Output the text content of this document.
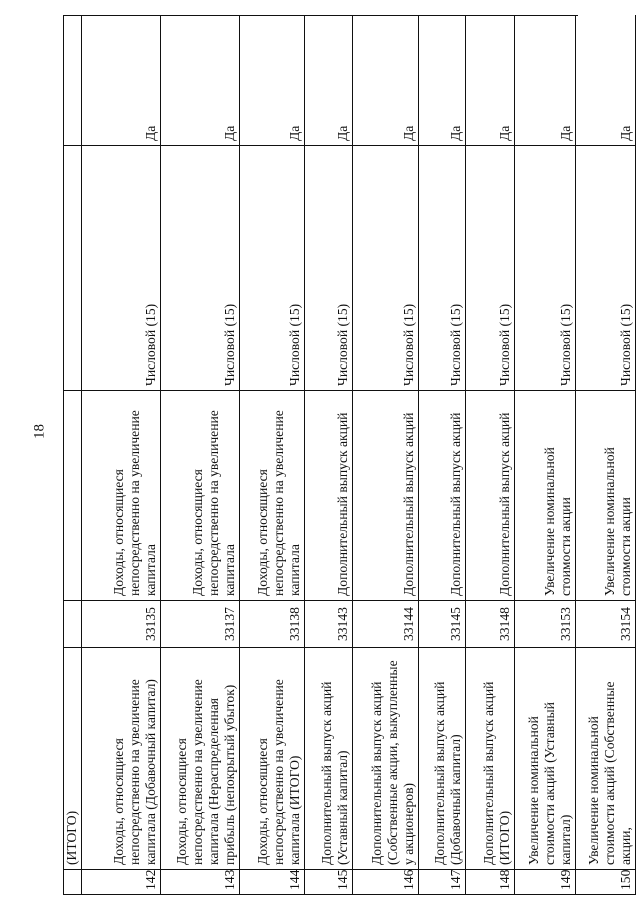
18
(ИТОГО)
142
Доходы, относящиеся непосредственно на увеличение капитала (Добавочный капитал)
33135
Доходы, относящиеся непосредственно на увеличение капитала
Числовой (15)
Да
143
Доходы, относящиеся непосредственно на увеличение капитала (Нераспределенная прибыль (непокрытый убыток)
33137
Доходы, относящиеся непосредственно на увеличение капитала
Числовой (15)
Да
144
Доходы, относящиеся непосредственно на увеличение капитала (ИТОГО)
33138
Доходы, относящиеся непосредственно на увеличение капитала
Числовой (15)
Да
145
Дополнительный выпуск акций (Уставный капитал)
33143
Дополнительный выпуск акций
Числовой (15)
Да
146
Дополнительный выпуск акций (Собственные акции, выкупленные у акционеров)
33144
Дополнительный выпуск акций
Числовой (15)
Да
147
Дополнительный выпуск акций (Добавочный капитал)
33145
Дополнительный выпуск акций
Числовой (15)
Да
148
Дополнительный выпуск акций (ИТОГО)
33148
Дополнительный выпуск акций
Числовой (15)
Да
149
Увеличение номинальной стоимости акций (Уставный капитал)
33153
Увеличение номинальной стоимости акции
Числовой (15)
Да
150
Увеличение номинальной стоимости акций (Собственные акции,
33154
Увеличение номинальной стоимости акции
Числовой (15)
Да
